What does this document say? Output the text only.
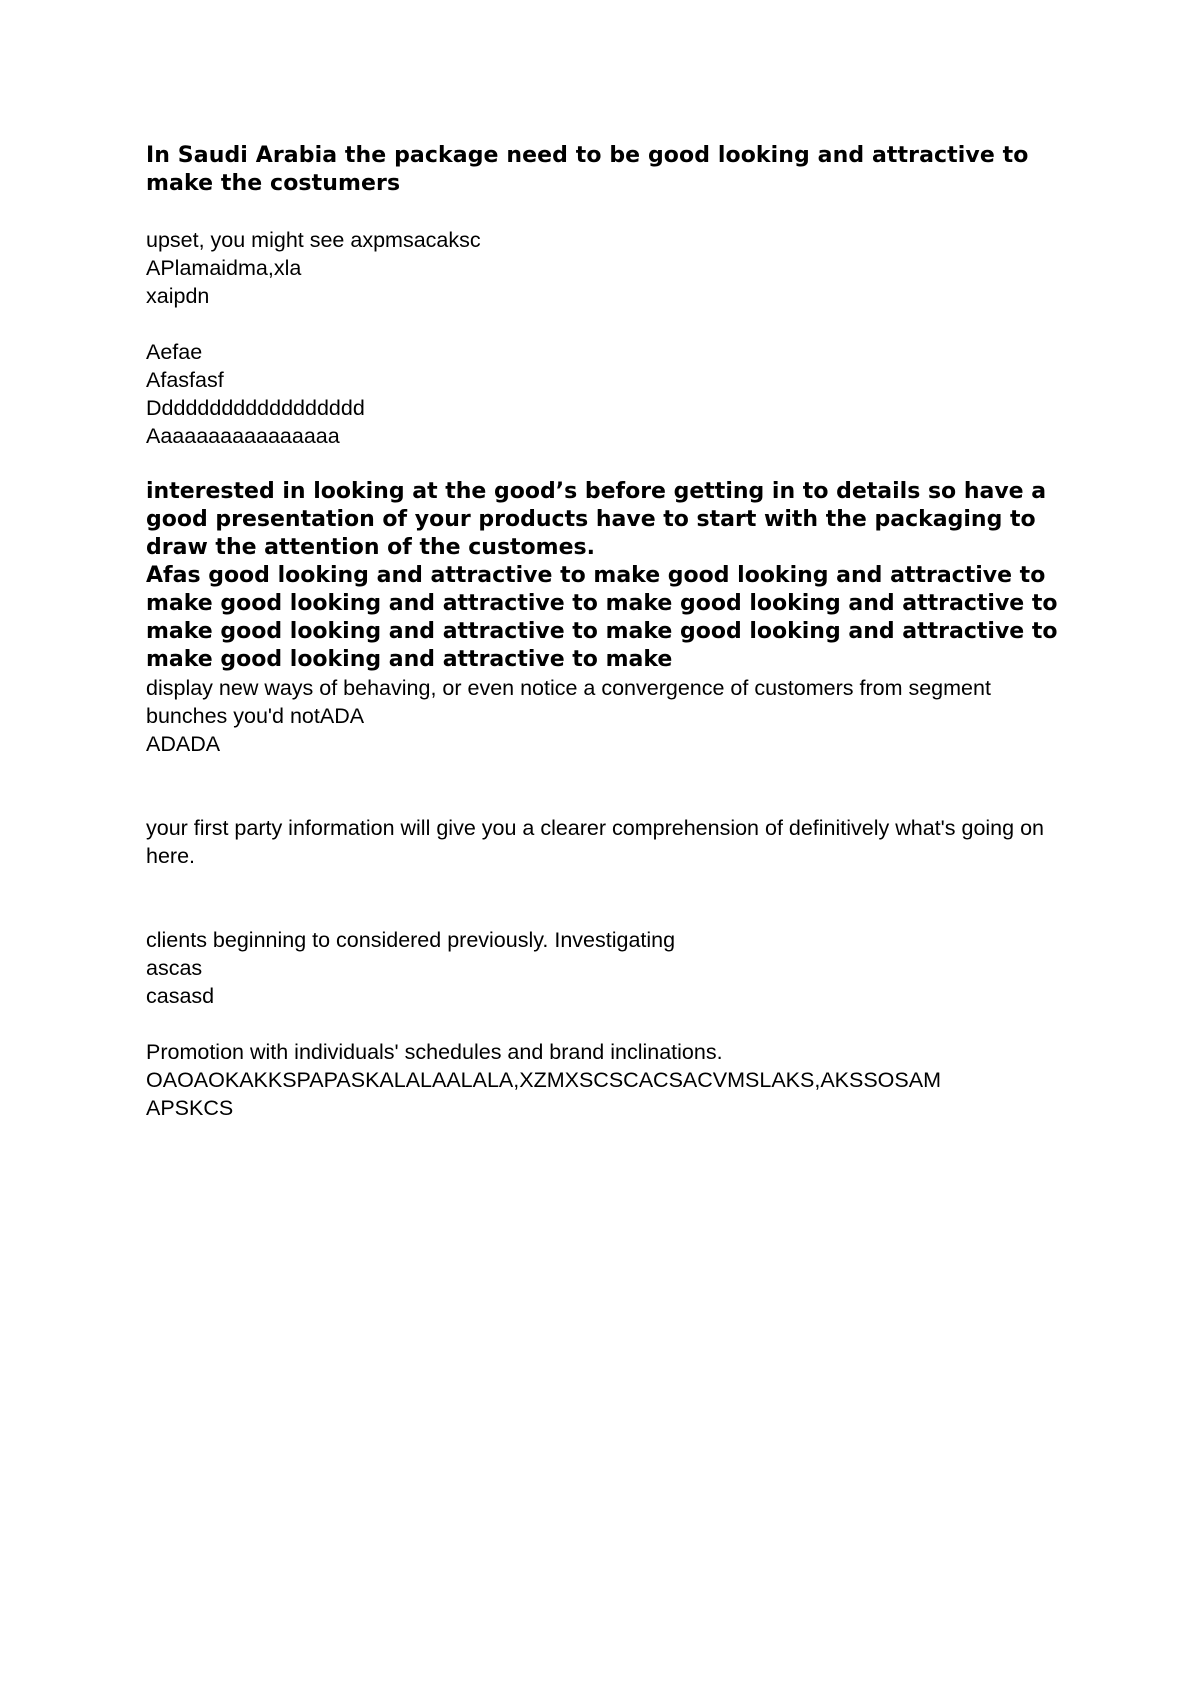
In Saudi Arabia the package need to be good looking and attractive to make the costumers

upset, you might see axpmsacaksc
APlamaidma,xla
xaipdn
Aefae
Afasfasf
Dddddddddddddddddd
Aaaaaaaaaaaaaaaa

interested in looking at the good’s before getting in to details so have a good presentation of your products have to start with the packaging to draw the attention of the customes.

Afas good looking and attractive to make good looking and attractive to make good looking and attractive to make good looking and attractive to make good looking and attractive to make good looking and attractive to make good looking and attractive to make

display new ways of behaving, or even notice a convergence of customers from segment bunches you'd notADA

ADADA

your first party information will give you a clearer comprehension of definitively what's going on here.

clients beginning to considered previously. Investigating
ascas
casasd
Promotion with individuals' schedules and brand inclinations.
OAOAOKAKKSPAPASKALALAALALA,XZMXSCSCACSACVMSLAKS,AKSSOSAM
APSKCS
